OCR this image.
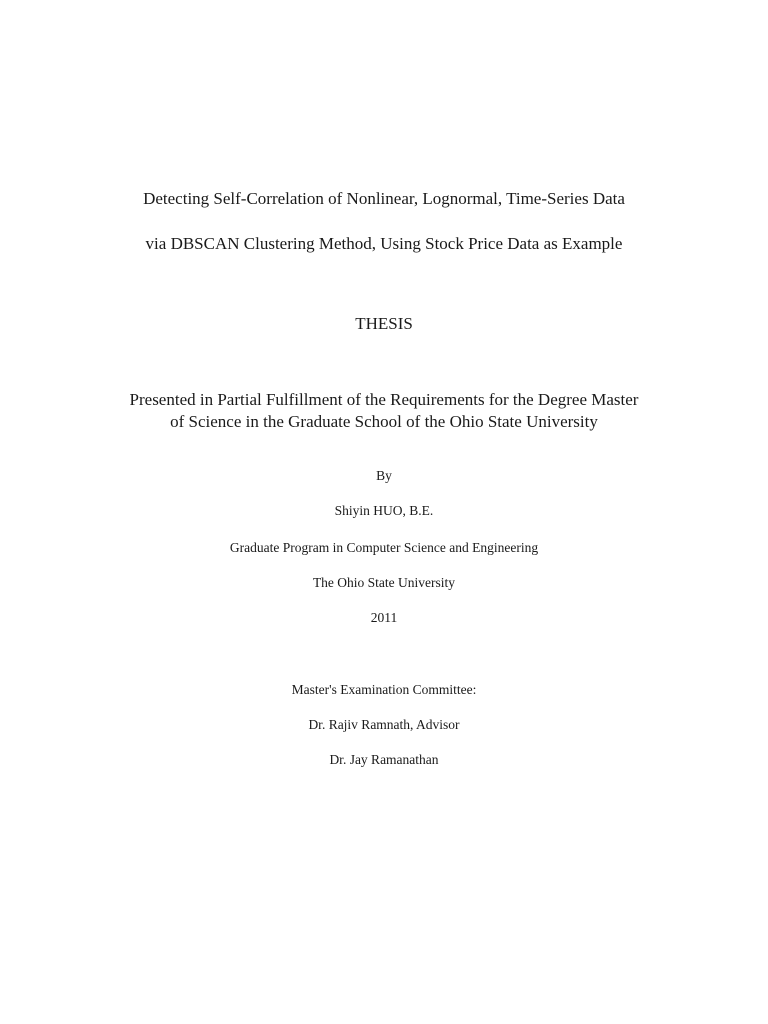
Detecting Self-Correlation of Nonlinear, Lognormal, Time-Series Data

via DBSCAN Clustering Method, Using Stock Price Data as Example

THESIS

Presented in Partial Fulfillment of the Requirements for the Degree Master

of Science in the Graduate School of the Ohio State University

By

Shiyin HUO, B.E.

Graduate Program in Computer Science and Engineering

The Ohio State University

2011

Master's Examination Committee:

Dr. Rajiv Ramnath, Advisor

Dr. Jay Ramanathan
